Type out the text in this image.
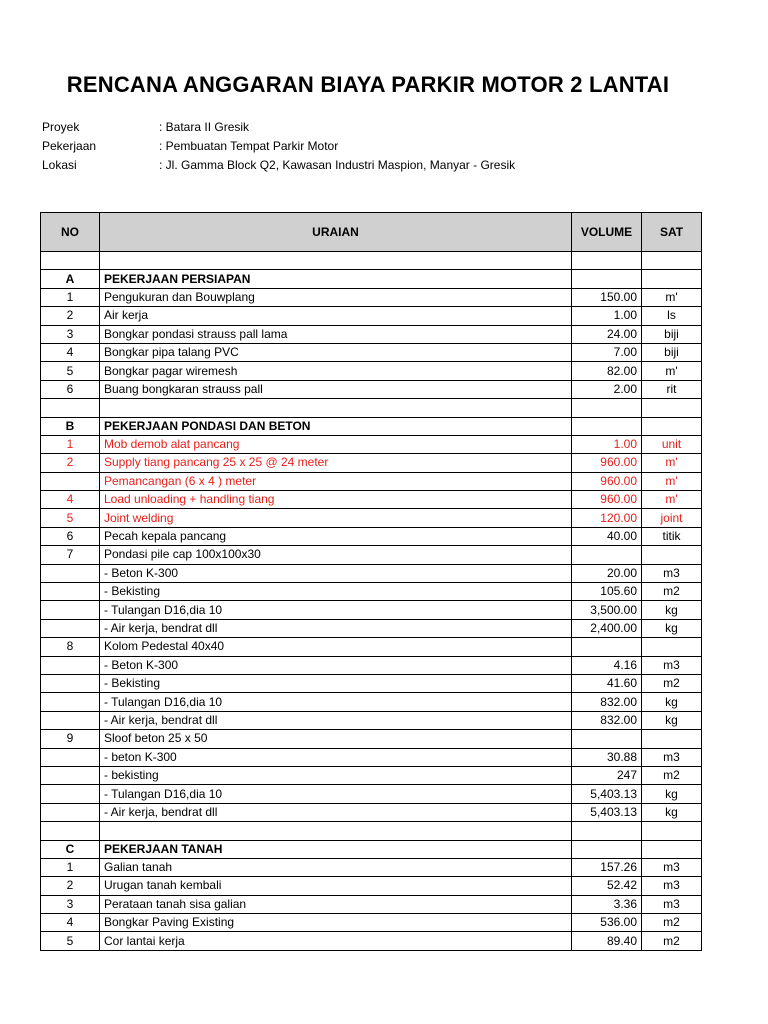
RENCANA ANGGARAN BIAYA PARKIR MOTOR 2 LANTAI
Proyek	: Batara II Gresik
Pekerjaan	: Pembuatan Tempat Parkir Motor
Lokasi	: Jl. Gamma Block Q2, Kawasan Industri Maspion, Manyar - Gresik
NO	URAIAN	VOLUME	SAT

A	PEKERJAAN PERSIAPAN		
1	Pengukuran dan Bouwplang	150.00	m'
2	Air kerja	1.00	ls
3	Bongkar pondasi strauss pall lama	24.00	biji
4	Bongkar pipa talang PVC	7.00	biji
5	Bongkar pagar wiremesh	82.00	m'
6	Buang bongkaran strauss pall	2.00	rit

B	PEKERJAAN PONDASI DAN BETON		
1	Mob demob alat pancang	1.00	unit
2	Supply tiang pancang 25 x 25 @ 24 meter	960.00	m'
	Pemancangan (6 x 4 ) meter	960.00	m'
4	Load unloading + handling tiang	960.00	m'
5	Joint welding	120.00	joint
6	Pecah kepala pancang	40.00	titik
7	Pondasi pile cap 100x100x30		
	- Beton K-300	20.00	m3
	- Bekisting	105.60	m2
	- Tulangan D16,dia 10	3,500.00	kg
	- Air kerja, bendrat dll	2,400.00	kg
8	Kolom Pedestal 40x40		
	- Beton K-300	4.16	m3
	- Bekisting	41.60	m2
	- Tulangan D16,dia 10	832.00	kg
	- Air kerja, bendrat dll	832.00	kg
9	Sloof beton 25 x 50		
	- beton K-300	30.88	m3
	- bekisting	247	m2
	- Tulangan D16,dia 10	5,403.13	kg
	- Air kerja, bendrat dll	5,403.13	kg

C	PEKERJAAN TANAH		
1	Galian tanah	157.26	m3
2	Urugan tanah kembali	52.42	m3
3	Perataan tanah sisa galian	3.36	m3
4	Bongkar Paving Existing	536.00	m2
5	Cor lantai kerja	89.40	m2
